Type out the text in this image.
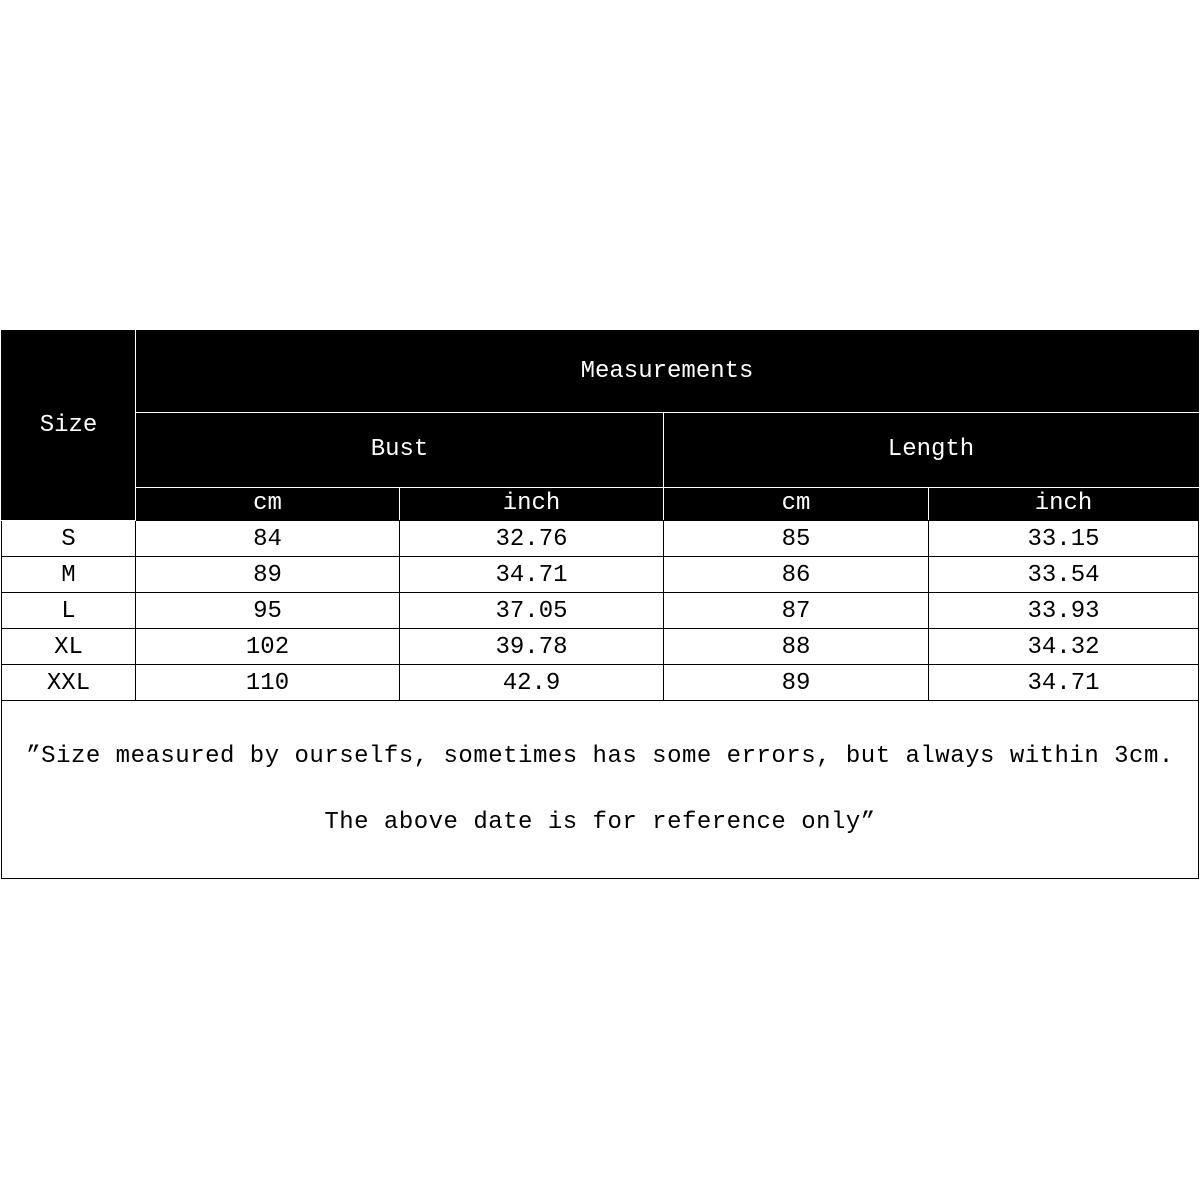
Size	Measurements			
	Bust		Length	
	cm	inch	cm	inch
S	84	32.76	85	33.15
M	89	34.71	86	33.54
L	95	37.05	87	33.93
XL	102	39.78	88	34.32
XXL	110	42.9	89	34.71

”Size measured by ourselfs, sometimes has some errors, but always within 3cm.
The above date is for reference only”				
